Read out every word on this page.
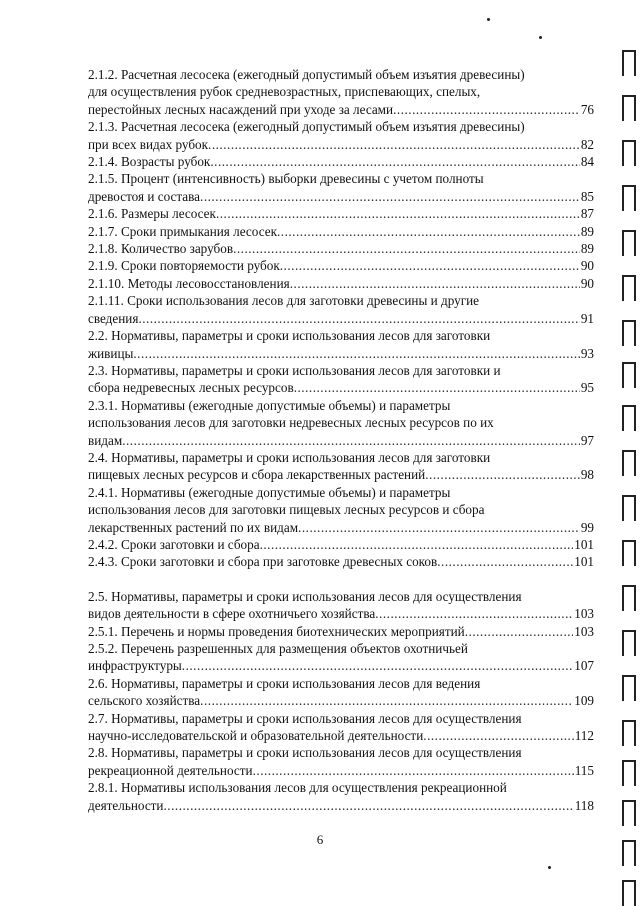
2.1.2. Расчетная лесосека (ежегодный допустимый объем изъятия древесины)
для осуществления рубок средневозрастных, приспевающих, спелых,
перестойных лесных насаждений при уходе за лесами .....	76
2.1.3. Расчетная лесосека (ежегодный допустимый объем изъятия древесины)
при всех видах рубок .....	82
2.1.4. Возрасты рубок .....	84
2.1.5. Процент (интенсивность) выборки древесины с учетом полноты
древостоя и состава .....	85
2.1.6. Размеры лесосек .....	87
2.1.7. Сроки примыкания лесосек .....	89
2.1.8. Количество зарубов .....	89
2.1.9. Сроки повторяемости рубок .....	90
2.1.10. Методы лесовосстановления .....	90
2.1.11. Сроки использования лесов для заготовки древесины и другие
сведения .....	91
2.2. Нормативы, параметры и сроки использования лесов для заготовки
живицы .....	93
2.3. Нормативы, параметры и сроки использования лесов для заготовки и
сбора недревесных лесных ресурсов .....	95
2.3.1. Нормативы (ежегодные допустимые объемы) и параметры
использования лесов для заготовки недревесных лесных ресурсов по их
видам .....	97
2.4. Нормативы, параметры и сроки использования лесов для заготовки
пищевых лесных ресурсов и сбора лекарственных растений .....	98
2.4.1. Нормативы (ежегодные допустимые объемы) и параметры
использования лесов для заготовки пищевых лесных ресурсов и сбора
лекарственных растений по их видам .....	99
2.4.2. Сроки заготовки и сбора .....	101
2.4.3. Сроки заготовки и сбора при заготовке древесных соков .....	101
2.5. Нормативы, параметры и сроки использования лесов для осуществления
видов деятельности в сфере охотничьего хозяйства .....	103
2.5.1. Перечень и нормы проведения биотехнических мероприятий .....	103
2.5.2. Перечень разрешенных для размещения объектов охотничьей
инфраструктуры .....	107
2.6. Нормативы, параметры и сроки использования лесов для ведения
сельского хозяйства .....	109
2.7. Нормативы, параметры и сроки использования лесов для осуществления
научно-исследовательской и образовательной деятельности .....	112
2.8. Нормативы, параметры и сроки использования лесов для осуществления
рекреационной деятельности .....	115
2.8.1. Нормативы использования лесов для осуществления рекреационной
деятельности .....	118
6
